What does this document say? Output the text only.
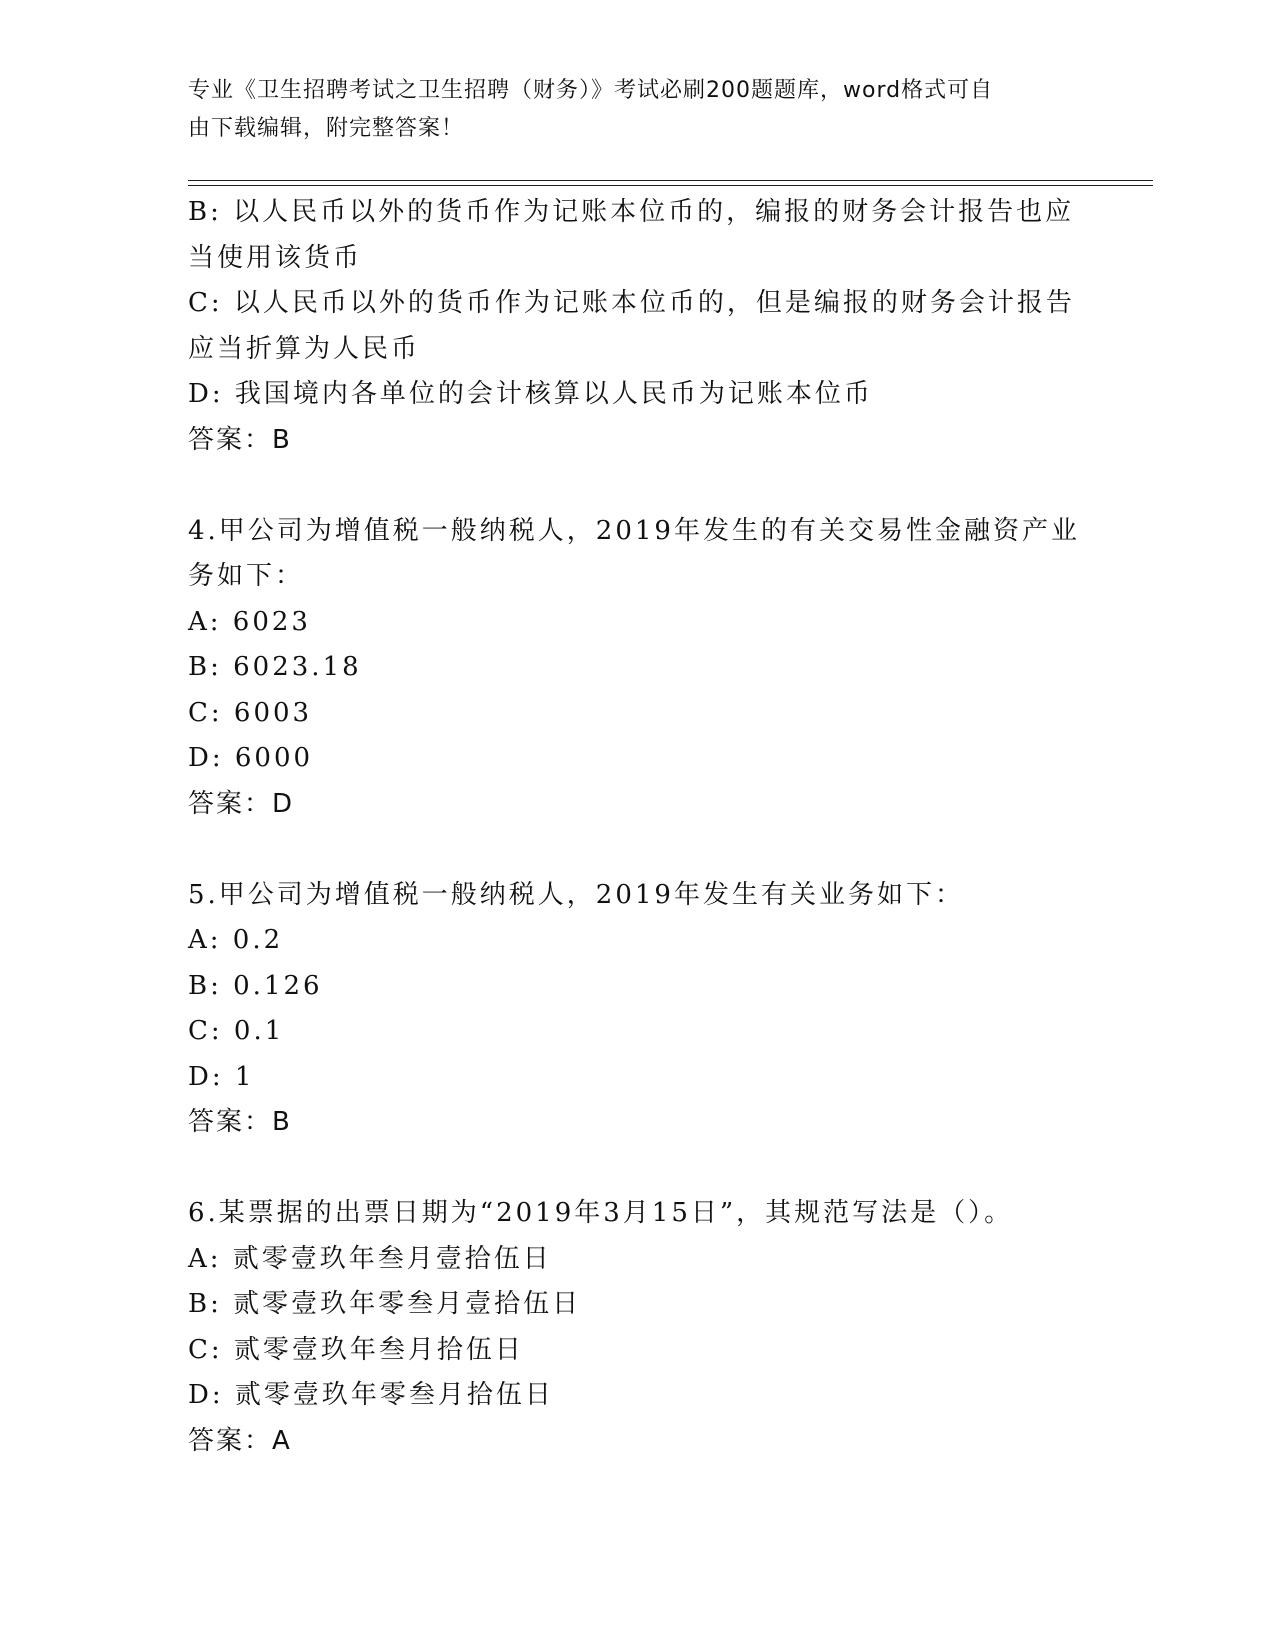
专业《卫生招聘考试之卫生招聘（财务）》考试必刷200题题库，word格式可自
由下载编辑，附完整答案！
B: 以人民币以外的货币作为记账本位币的，编报的财务会计报告也应
当使用该货币
C: 以人民币以外的货币作为记账本位币的，但是编报的财务会计报告
应当折算为人民币
D: 我国境内各单位的会计核算以人民币为记账本位币
答案：B
4.甲公司为增值税一般纳税人，2019年发生的有关交易性金融资产业
务如下：
A: 6023
B: 6023.18
C: 6003
D: 6000
答案：D
5.甲公司为增值税一般纳税人，2019年发生有关业务如下：
A: 0.2
B: 0.126
C: 0.1
D: 1
答案：B
6.某票据的出票日期为“2019年3月15日”，其规范写法是（）。
A: 贰零壹玖年叁月壹拾伍日
B: 贰零壹玖年零叁月壹拾伍日
C: 贰零壹玖年叁月拾伍日
D: 贰零壹玖年零叁月拾伍日
答案：A
